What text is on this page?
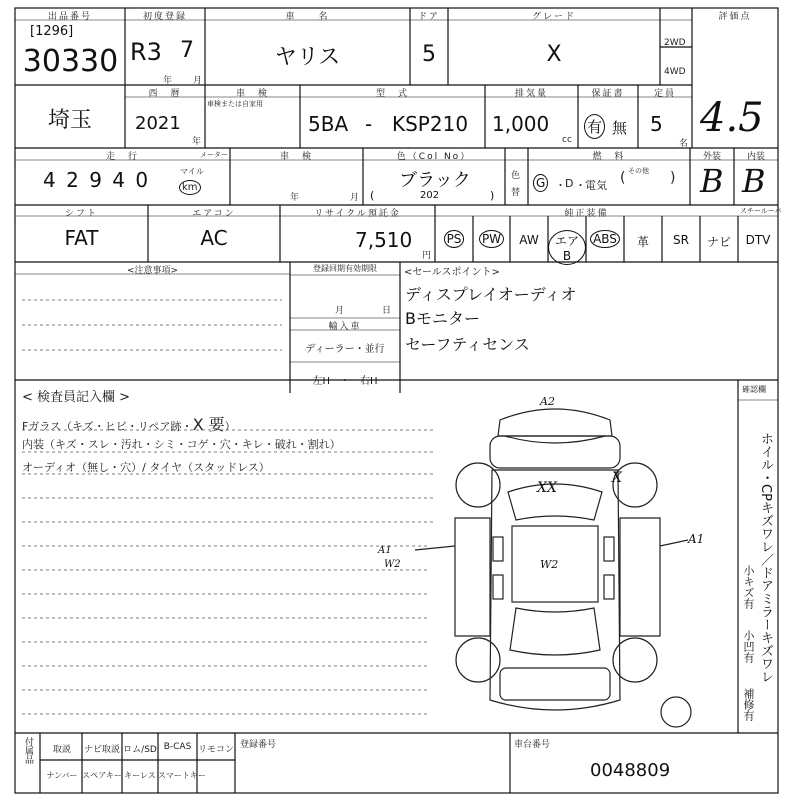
出品番号
[1296]
30330
初度登録
R3 7
年 月
車　　名
ヤリス
ドア
5
グレード
X	2WD
4WD
評価点
埼玉
西　暦
2021
年
車　検
車検または自家用
型　式
5BA - KSP210
排気量
1,000
cc
保証書
有 無
定員
5
名
4.5
走　行
4 2 9 4 0	マイル
km
メーター	車　検
年	月
色（Col No）
ブラック
(	202	)
色
替
燃　料
G ・ D ・ 電気 ( その他 )
外装
B
内装
B
シフト
FAT
エアコン
AC
リサイクル預託金
7,510
円
純正装備	スチールーバ
PS	PW	AW	エアB
ABS	革	SR	ナビ	DTV
<注意事項>	登録回期有効期限
月	日
輸入車
ディーラー・並行
左H　・　右H
<セールスポイント>
ディスプレイオーディオ
Bモニター
セーフティセンス
< 検査員記入欄 >
Fガラス（キズ・ヒビ・リペア跡・X 要）
内装（キズ・スレ・汚れ・シミ・コゲ・穴・キレ・破れ・割れ）
オーディオ（無し・穴）/ タイヤ（スタッドレス）
A2
XX
X
A1
A1
W2	W2
確認欄
ホイル・CPキズワレ／ドアミラーキズワレ
小キズ有
小凹有
補修有
付属品	取説	ナビ取説 ロム/SD B-CAS リモコン
ナンバー スペアキー キーレス スマートキー
登録番号	車台番号
0048809
